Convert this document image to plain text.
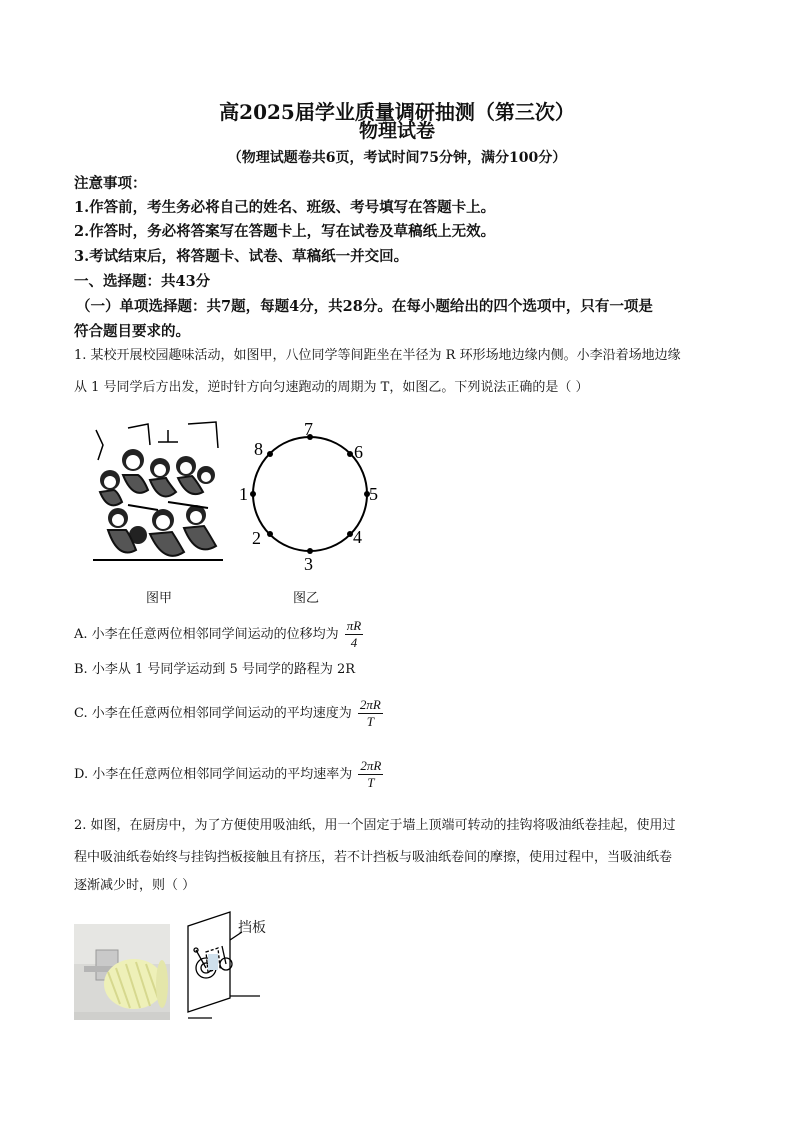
高2025届学业质量调研抽测（第三次）
物理试卷
（物理试题卷共6页，考试时间75分钟，满分100分）
注意事项：
1.作答前，考生务必将自己的姓名、班级、考号填写在答题卡上。
2.作答时，务必将答案写在答题卡上，写在试卷及草稿纸上无效。
3.考试结束后，将答题卡、试卷、草稿纸一并交回。
一、选择题：共43分
（一）单项选择题：共7题，每题4分，共28分。在每小题给出的四个选项中，只有一项是
符合题目要求的。
1. 某校开展校园趣味活动，如图甲，八位同学等间距坐在半径为 R 环形场地边缘内侧。小李沿着场地边缘
从 1 号同学后方出发，逆时针方向匀速跑动的周期为 T，如图乙。下列说法正确的是（ ）
图甲
1
2
3
4
5
6
7
8
图乙
A. 小李在任意两位相邻同学间运动的位移均为 $\frac{\pi R}{4}$
B. 小李从 1 号同学运动到 5 号同学的路程为 2R
C. 小李在任意两位相邻同学间运动的平均速度为 $\frac{2\pi R}{T}$
D. 小李在任意两位相邻同学间运动的平均速率为 $\frac{2\pi R}{T}$
2. 如图，在厨房中，为了方便使用吸油纸，用一个固定于墙上顶端可转动的挂钩将吸油纸卷挂起，使用过
程中吸油纸卷始终与挂钩挡板接触且有挤压，若不计挡板与吸油纸卷间的摩擦，使用过程中，当吸油纸卷
逐渐减少时，则（ ）
挡板
